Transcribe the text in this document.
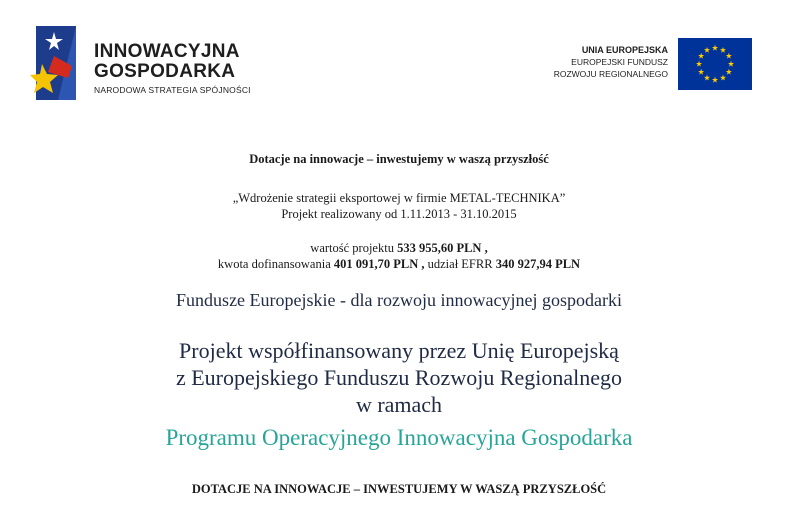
INNOWACYJNA
GOSPODARKA
NARODOWA STRATEGIA SPÓJNOŚCI
UNIA EUROPEJSKA
EUROPEJSKI FUNDUSZ
ROZWOJU REGIONALNEGO
Dotacje na innowacje – inwestujemy w waszą przyszłość
„Wdrożenie strategii eksportowej w firmie METAL-TECHNIKA”
Projekt realizowany od 1.11.2013 - 31.10.2015
wartość projektu 533 955,60 PLN ,
kwota dofinansowania 401 091,70 PLN , udział EFRR 340 927,94 PLN
Fundusze Europejskie - dla rozwoju innowacyjnej gospodarki
Projekt współfinansowany przez Unię Europejską
z Europejskiego Funduszu Rozwoju Regionalnego
w ramach
Programu Operacyjnego Innowacyjna Gospodarka
DOTACJE NA INNOWACJE – INWESTUJEMY W WASZĄ PRZYSZŁOŚĆ
